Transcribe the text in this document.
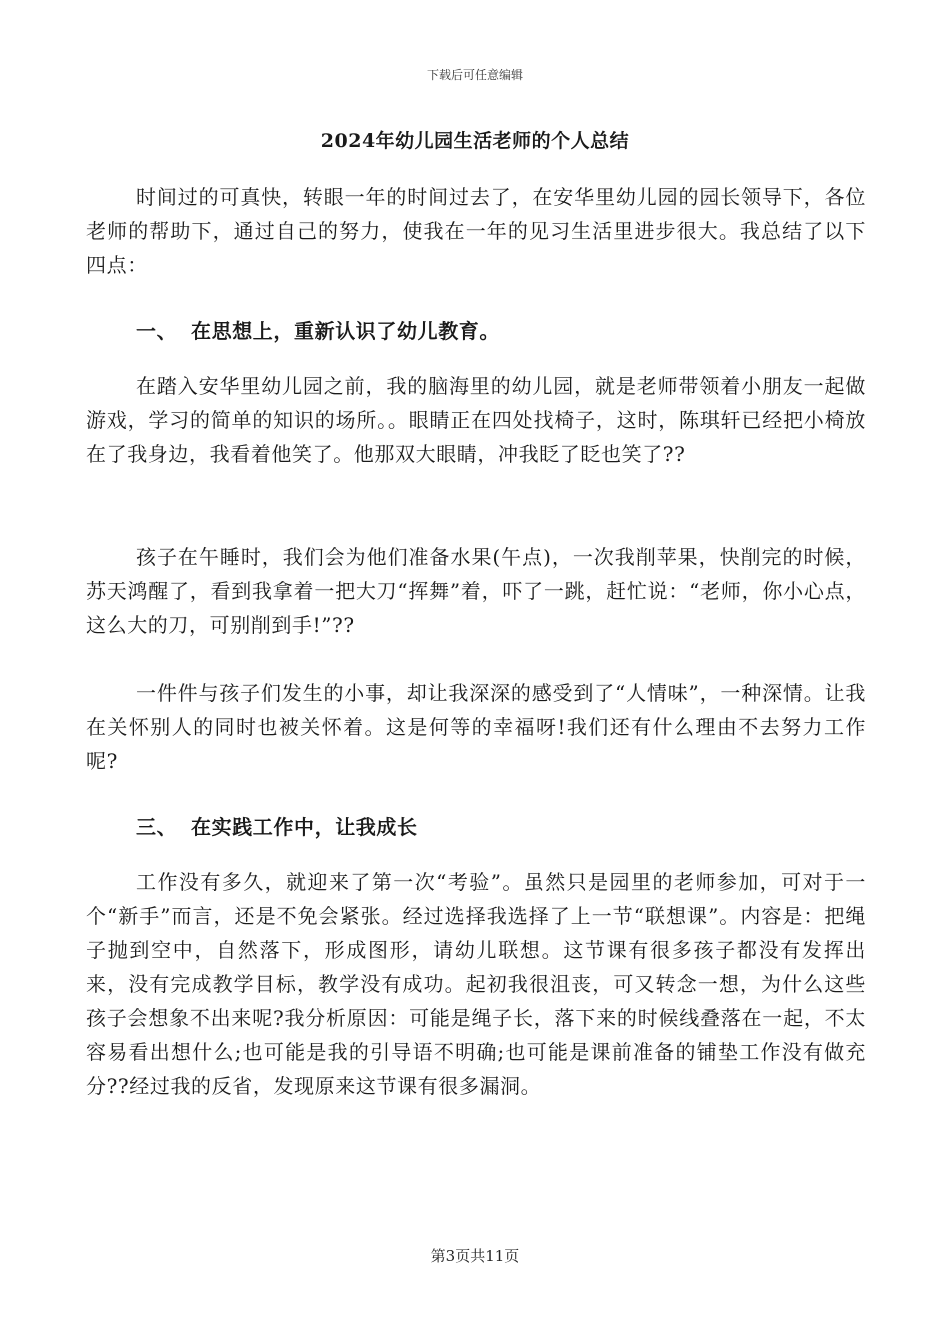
下载后可任意编辑
2024年幼儿园生活老师的个人总结

时间过的可真快，转眼一年的时间过去了，在安华里幼儿园的园长领导下，各位老师的帮助下，通过自己的努力，使我在一年的见习生活里进步很大。我总结了以下四点：

一、 在思想上，重新认识了幼儿教育。

在踏入安华里幼儿园之前，我的脑海里的幼儿园，就是老师带领着小朋友一起做游戏，学习的简单的知识的场所。。眼睛正在四处找椅子，这时，陈琪轩已经把小椅放在了我身边，我看着他笑了。他那双大眼睛，冲我眨了眨也笑了??

孩子在午睡时，我们会为他们准备水果(午点)，一次我削苹果，快削完的时候，苏天鸿醒了，看到我拿着一把大刀“挥舞”着，吓了一跳，赶忙说：“老师，你小心点，这么大的刀，可别削到手!”??

一件件与孩子们发生的小事，却让我深深的感受到了“人情味”，一种深情。让我在关怀别人的同时也被关怀着。这是何等的幸福呀!我们还有什么理由不去努力工作呢?

三、 在实践工作中，让我成长

工作没有多久，就迎来了第一次“考验”。虽然只是园里的老师参加，可对于一个“新手”而言，还是不免会紧张。经过选择我选择了上一节“联想课”。内容是：把绳子抛到空中，自然落下，形成图形，请幼儿联想。这节课有很多孩子都没有发挥出来，没有完成教学目标，教学没有成功。起初我很沮丧，可又转念一想，为什么这些孩子会想象不出来呢?我分析原因：可能是绳子长，落下来的时候线叠落在一起，不太容易看出想什么;也可能是我的引导语不明确;也可能是课前准备的铺垫工作没有做充分??经过我的反省，发现原来这节课有很多漏洞。

第3页共11页
